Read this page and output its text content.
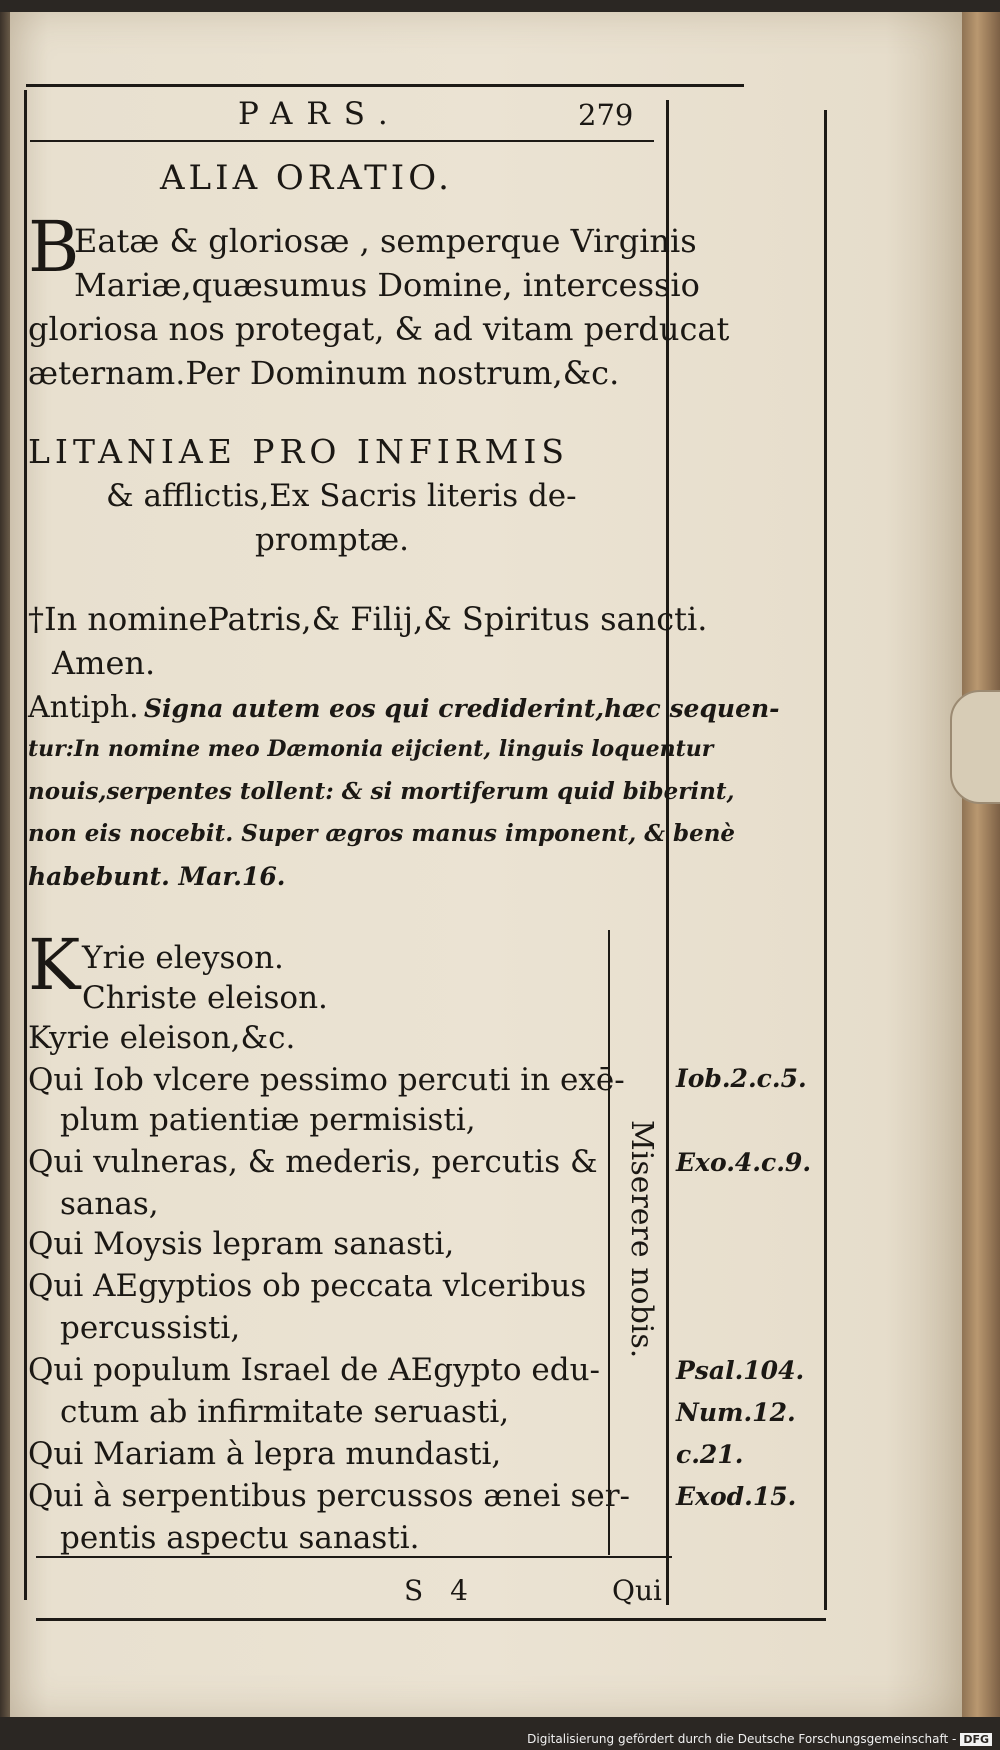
PARS.	279
ALIA ORATIO.
B
Eatæ & gloriosæ , semperque Virginis
Mariæ,quæsumus Domine, intercessio
gloriosa nos protegat, & ad vitam perducat
æternam.Per Dominum nostrum,&c.
LITANIAE PRO INFIRMIS
& afflictis,Ex Sacris literis de-
promptæ.
†In nominePatris,& Filij,& Spiritus sancti.
Amen.
Antiph. Signa autem eos qui crediderint,hæc sequen-
tur:In nomine meo Dæmonia eijcient, linguis loquentur
nouis,serpentes tollent: & si mortiferum quid biberint,
non eis nocebit. Super ægros manus imponent, & benè
habebunt. Mar.16.
K Yrie eleyson.
Christe eleison.
Kyrie eleison,&c.
Qui Iob vlcere pessimo percuti in exē-
plum patientiæ permisisti,
Qui vulneras, & mederis, percutis &
sanas,
Qui Moysis lepram sanasti,
Qui AEgyptios ob peccata vlceribus
percussisti,
Qui populum Israel de AEgypto edu-
ctum ab infirmitate seruasti,
Qui Mariam à lepra mundasti,
Qui à serpentibus percussos ænei ser-
pentis aspectu sanasti.
Miserere nobis.
Iob.2.c.5.
Exo.4.c.9.
Psal.104.
Num.12.
c.21.
Exod.15.
S 4	Qui
Digitalisierung gefördert durch die Deutsche Forschungsgemeinschaft - DFG
